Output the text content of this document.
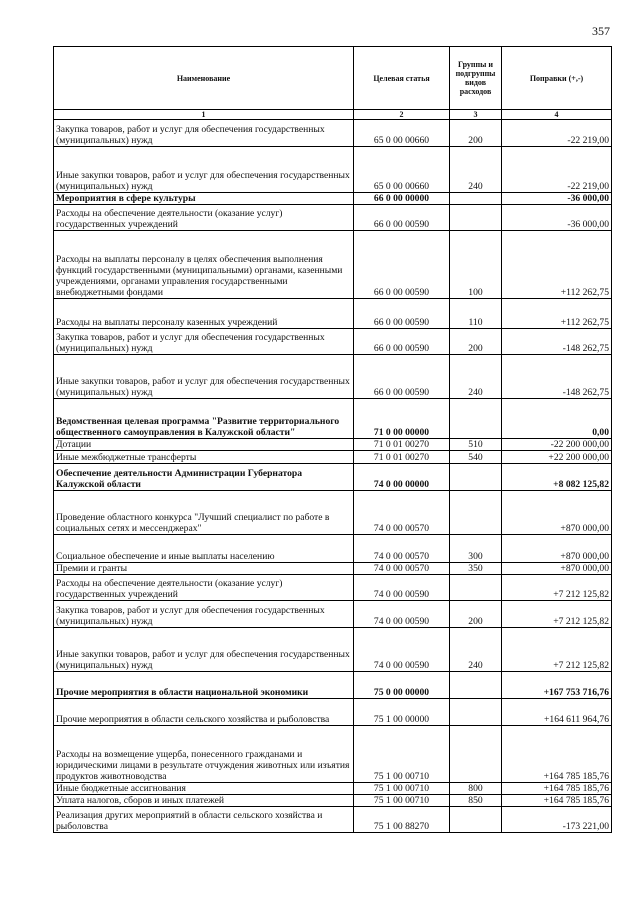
357
Наименование	Целевая статья	Группы и подгруппы видов расходов	Поправки (+,-)
1	2	3	4
Закупка товаров, работ и услуг для обеспечения государственных (муниципальных) нужд	65 0 00 00660	200	-22 219,00
Иные закупки товаров, работ и услуг для обеспечения государственных (муниципальных) нужд	65 0 00 00660	240	-22 219,00
Мероприятия в сфере культуры	66 0 00 00000		-36 000,00
Расходы на обеспечение деятельности (оказание услуг) государственных учреждений	66 0 00 00590		-36 000,00
Расходы на выплаты персоналу в целях обеспечения выполнения функций государственными (муниципальными) органами, казенными учреждениями, органами управления государственными внебюджетными фондами	66 0 00 00590	100	+112 262,75
Расходы на выплаты персоналу казенных учреждений	66 0 00 00590	110	+112 262,75
Закупка товаров, работ и услуг для обеспечения государственных (муниципальных) нужд	66 0 00 00590	200	-148 262,75
Иные закупки товаров, работ и услуг для обеспечения государственных (муниципальных) нужд	66 0 00 00590	240	-148 262,75
Ведомственная целевая программа "Развитие территориального общественного самоуправления в Калужской области"	71 0 00 00000		0,00
Дотации	71 0 01 00270	510	-22 200 000,00
Иные межбюджетные трансферты	71 0 01 00270	540	+22 200 000,00
Обеспечение деятельности Администрации Губернатора Калужской области	74 0 00 00000		+8 082 125,82
Проведение областного конкурса "Лучший специалист по работе в социальных сетях и мессенджерах"	74 0 00 00570		+870 000,00
Социальное обеспечение и иные выплаты населению	74 0 00 00570	300	+870 000,00
Премии и гранты	74 0 00 00570	350	+870 000,00
Расходы на обеспечение деятельности (оказание услуг) государственных учреждений	74 0 00 00590		+7 212 125,82
Закупка товаров, работ и услуг для обеспечения государственных (муниципальных) нужд	74 0 00 00590	200	+7 212 125,82
Иные закупки товаров, работ и услуг для обеспечения государственных (муниципальных) нужд	74 0 00 00590	240	+7 212 125,82
Прочие мероприятия в области национальной экономики	75 0 00 00000		+167 753 716,76
Прочие мероприятия в области сельского хозяйства и рыболовства	75 1 00 00000		+164 611 964,76
Расходы на возмещение ущерба, понесенного гражданами и юридическими лицами в результате отчуждения животных или изъятия продуктов животноводства	75 1 00 00710		+164 785 185,76
Иные бюджетные ассигнования	75 1 00 00710	800	+164 785 185,76
Уплата налогов, сборов и иных платежей	75 1 00 00710	850	+164 785 185,76
Реализация других мероприятий в области сельского хозяйства и рыболовства	75 1 00 88270		-173 221,00
